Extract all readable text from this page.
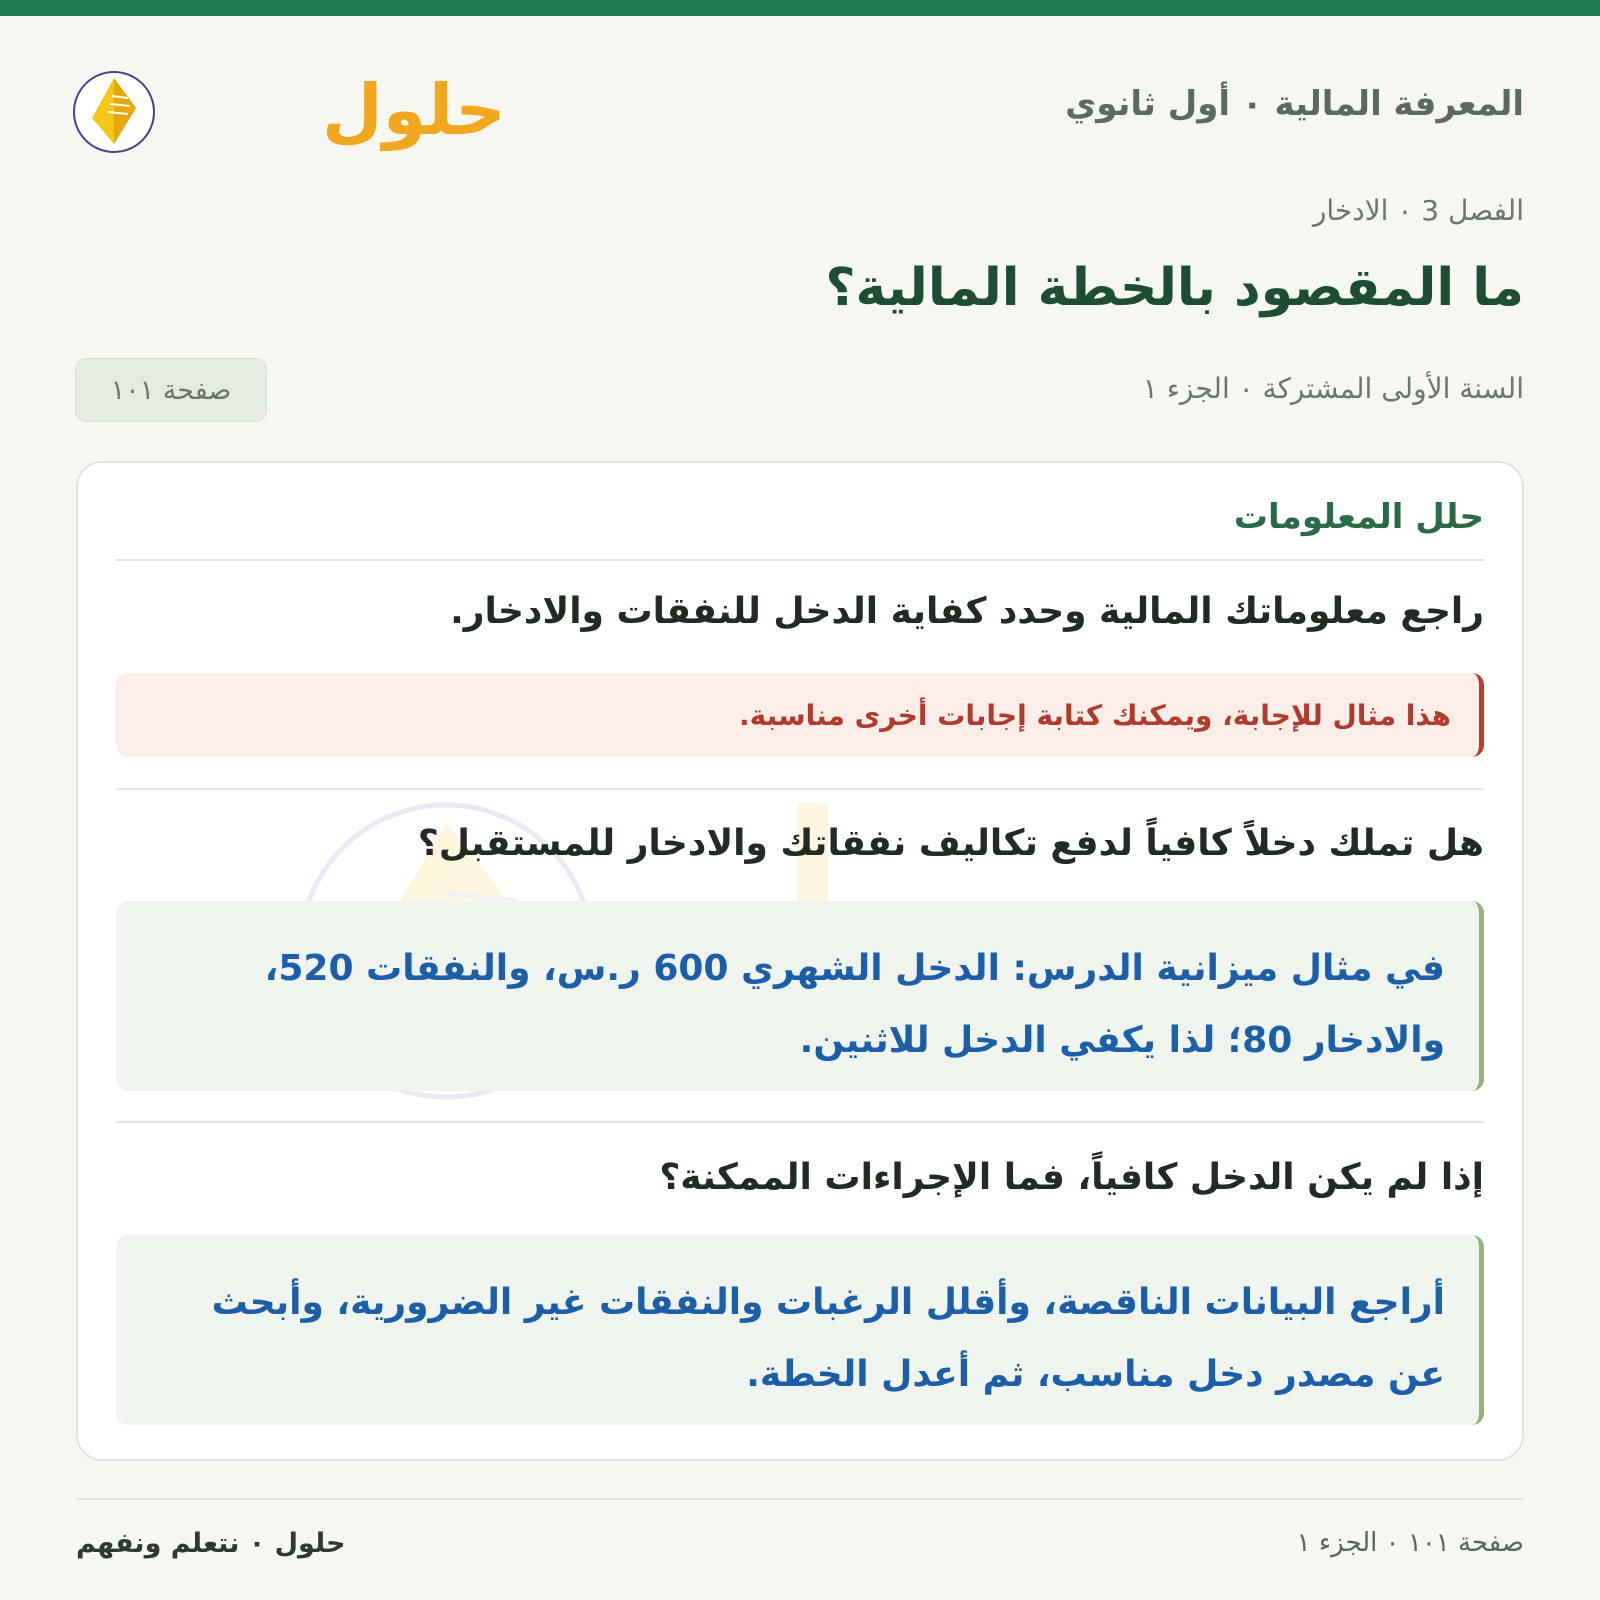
المعرفة المالية ٠ أول ثانوي
حلول
الفصل 3 ٠ الادخار
ما المقصود بالخطة المالية؟
السنة الأولى المشتركة ٠ الجزء ١
صفحة ١٠١
حلل المعلومات

راجع معلوماتك المالية وحدد كفاية الدخل للنفقات والادخار.

هذا مثال للإجابة، ويمكنك كتابة إجابات أخرى مناسبة.

هل تملك دخلاً كافياً لدفع تكاليف نفقاتك والادخار للمستقبل؟

في مثال ميزانية الدرس: الدخل الشهري 600 ر.س، والنفقات 520، والادخار 80؛ لذا يكفي الدخل للاثنين.

إذا لم يكن الدخل كافياً، فما الإجراءات الممكنة؟

أراجع البيانات الناقصة، وأقلل الرغبات والنفقات غير الضرورية، وأبحث عن مصدر دخل مناسب، ثم أعدل الخطة.
صفحة ١٠١ ٠ الجزء ١
حلول ٠ نتعلم ونفهم
